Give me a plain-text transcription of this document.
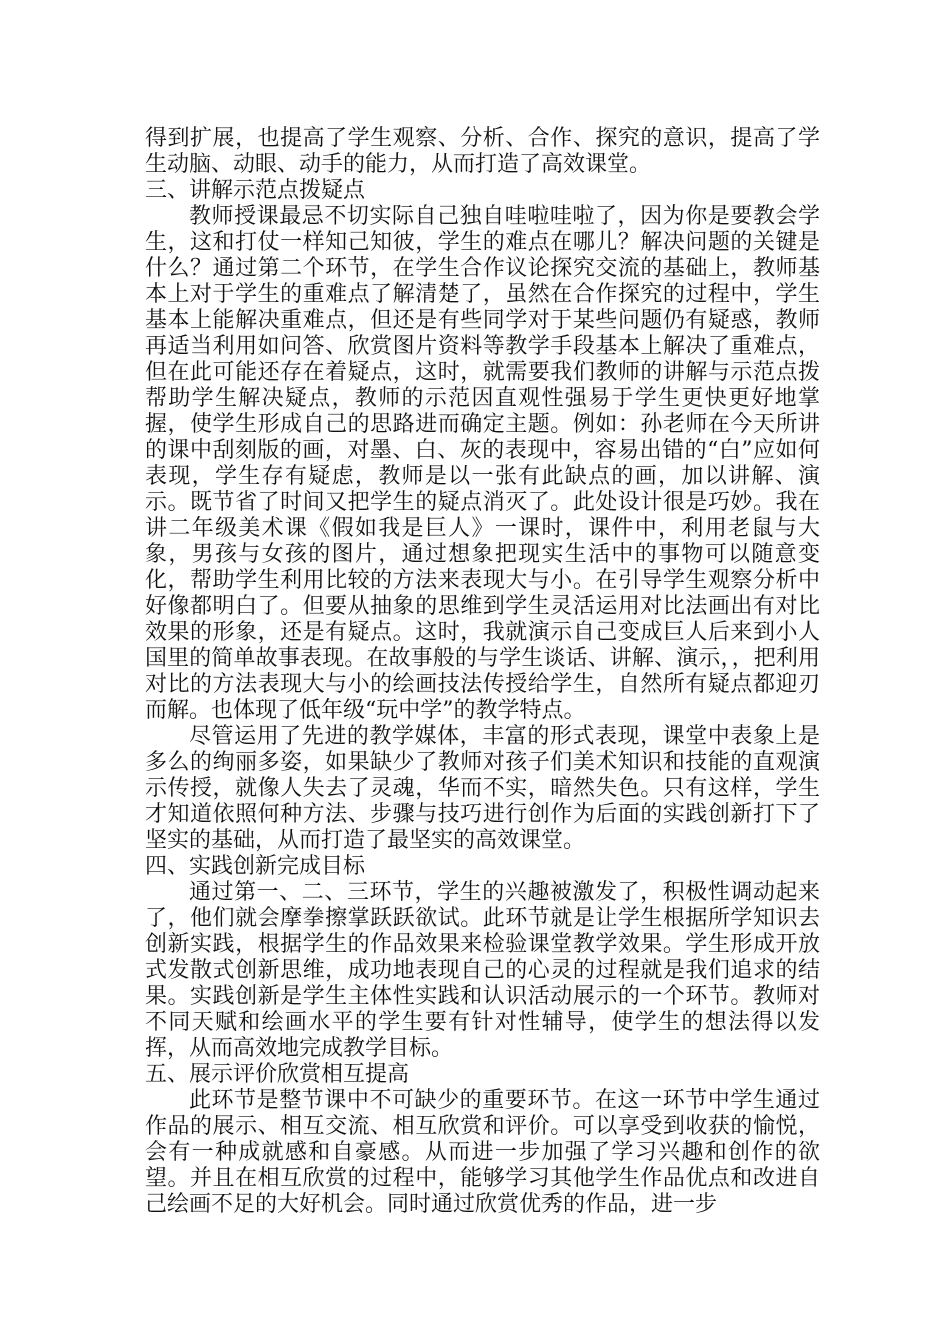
得到扩展，也提高了学生观察、分析、合作、探究的意识，提高了学生动脑、动眼、动手的能力，从而打造了高效课堂。

三、讲解示范点拨疑点

教师授课最忌不切实际自己独自哇啦哇啦了，因为你是要教会学生，这和打仗一样知己知彼，学生的难点在哪儿？解决问题的关键是什么？通过第二个环节，在学生合作议论探究交流的基础上，教师基本上对于学生的重难点了解清楚了，虽然在合作探究的过程中，学生基本上能解决重难点，但还是有些同学对于某些问题仍有疑惑，教师再适当利用如问答、欣赏图片资料等教学手段基本上解决了重难点，但在此可能还存在着疑点，这时，就需要我们教师的讲解与示范点拨帮助学生解决疑点，教师的示范因直观性强易于学生更快更好地掌握，使学生形成自己的思路进而确定主题。例如：孙老师在今天所讲的课中刮刻版的画，对墨、白、灰的表现中，容易出错的“白”应如何表现，学生存有疑虑，教师是以一张有此缺点的画，加以讲解、演示。既节省了时间又把学生的疑点消灭了。此处设计很是巧妙。我在讲二年级美术课《假如我是巨人》一课时，课件中，利用老鼠与大象，男孩与女孩的图片，通过想象把现实生活中的事物可以随意变化，帮助学生利用比较的方法来表现大与小。在引导学生观察分析中好像都明白了。但要从抽象的思维到学生灵活运用对比法画出有对比效果的形象，还是有疑点。这时，我就演示自己变成巨人后来到小人国里的简单故事表现。在故事般的与学生谈话、讲解、演示，，把利用对比的方法表现大与小的绘画技法传授给学生，自然所有疑点都迎刃而解。也体现了低年级“玩中学”的教学特点。

尽管运用了先进的教学媒体，丰富的形式表现，课堂中表象上是多么的绚丽多姿，如果缺少了教师对孩子们美术知识和技能的直观演示传授，就像人失去了灵魂，华而不实，暗然失色。只有这样，学生才知道依照何种方法、步骤与技巧进行创作为后面的实践创新打下了坚实的基础，从而打造了最坚实的高效课堂。

四、实践创新完成目标

通过第一、二、三环节，学生的兴趣被激发了，积极性调动起来了，他们就会摩拳擦掌跃跃欲试。此环节就是让学生根据所学知识去创新实践，根据学生的作品效果来检验课堂教学效果。学生形成开放式发散式创新思维，成功地表现自己的心灵的过程就是我们追求的结果。实践创新是学生主体性实践和认识活动展示的一个环节。教师对不同天赋和绘画水平的学生要有针对性辅导，使学生的想法得以发挥，从而高效地完成教学目标。

五、展示评价欣赏相互提高

此环节是整节课中不可缺少的重要环节。在这一环节中学生通过作品的展示、相互交流、相互欣赏和评价。可以享受到收获的愉悦，会有一种成就感和自豪感。从而进一步加强了学习兴趣和创作的欲望。并且在相互欣赏的过程中，能够学习其他学生作品优点和改进自己绘画不足的大好机会。同时通过欣赏优秀的作品，进一步
